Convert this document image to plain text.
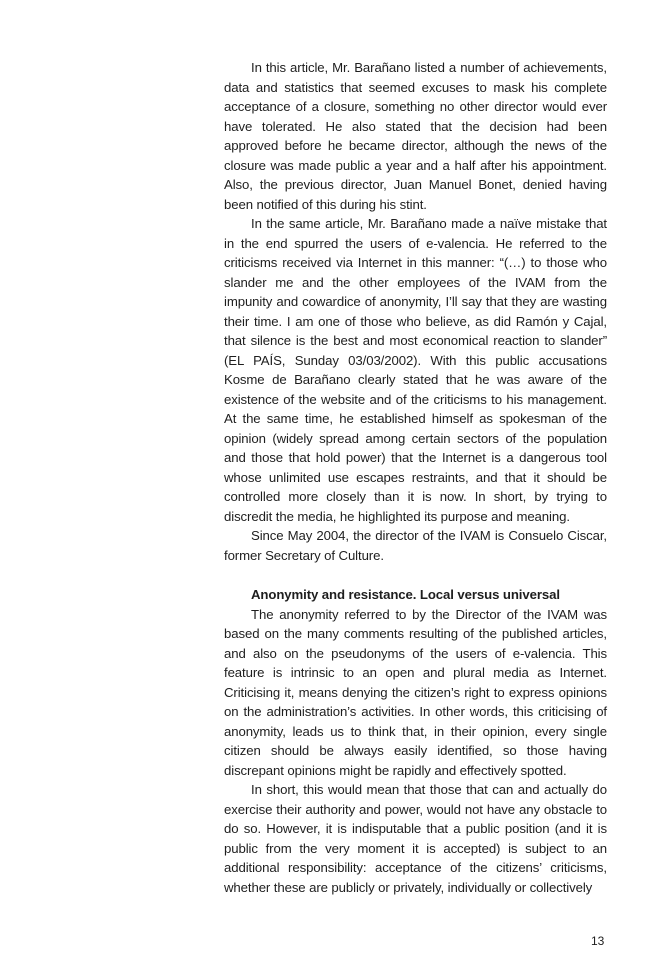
In this article, Mr. Barañano listed a number of achievements, data and statistics that seemed excuses to mask his complete acceptance of a closure, something no other director would ever have tolerated. He also stated that the decision had been approved before he became director, although the news of the closure was made public a year and a half after his appointment. Also, the previous director, Juan Manuel Bonet, denied having been notified of this during his stint.

In the same article, Mr. Barañano made a naïve mistake that in the end spurred the users of e-valencia. He referred to the criticisms received via Internet in this manner: “(…) to those who slander me and the other employees of the IVAM from the impunity and cowardice of anonymity, I’ll say that they are wasting their time. I am one of those who believe, as did Ramón y Cajal, that silence is the best and most economical reaction to slander” (EL PAÍS, Sunday 03/03/2002). With this public accusations Kosme de Barañano clearly stated that he was aware of the existence of the website and of the criticisms to his management. At the same time, he established himself as spokesman of the opinion (widely spread among certain sectors of the population and those that hold power) that the Internet is a dangerous tool whose unlimited use escapes restraints, and that it should be controlled more closely than it is now. In short, by trying to discredit the media, he highlighted its purpose and meaning.

Since May 2004, the director of the IVAM is Consuelo Ciscar, former Secretary of Culture.

Anonymity and resistance. Local versus universal

The anonymity referred to by the Director of the IVAM was based on the many comments resulting of the published articles, and also on the pseudonyms of the users of e-valencia. This feature is intrinsic to an open and plural media as Internet. Criticising it, means denying the citizen’s right to express opinions on the administration’s activities. In other words, this criticising of anonymity, leads us to think that, in their opinion, every single citizen should be always easily identified, so those having discrepant opinions might be rapidly and effectively spotted.

In short, this would mean that those that can and actually do exercise their authority and power, would not have any obstacle to do so. However, it is indisputable that a public position (and it is public from the very moment it is accepted) is subject to an additional responsibility: acceptance of the citizens’ criticisms, whether these are publicly or privately, individually or collectively

13
